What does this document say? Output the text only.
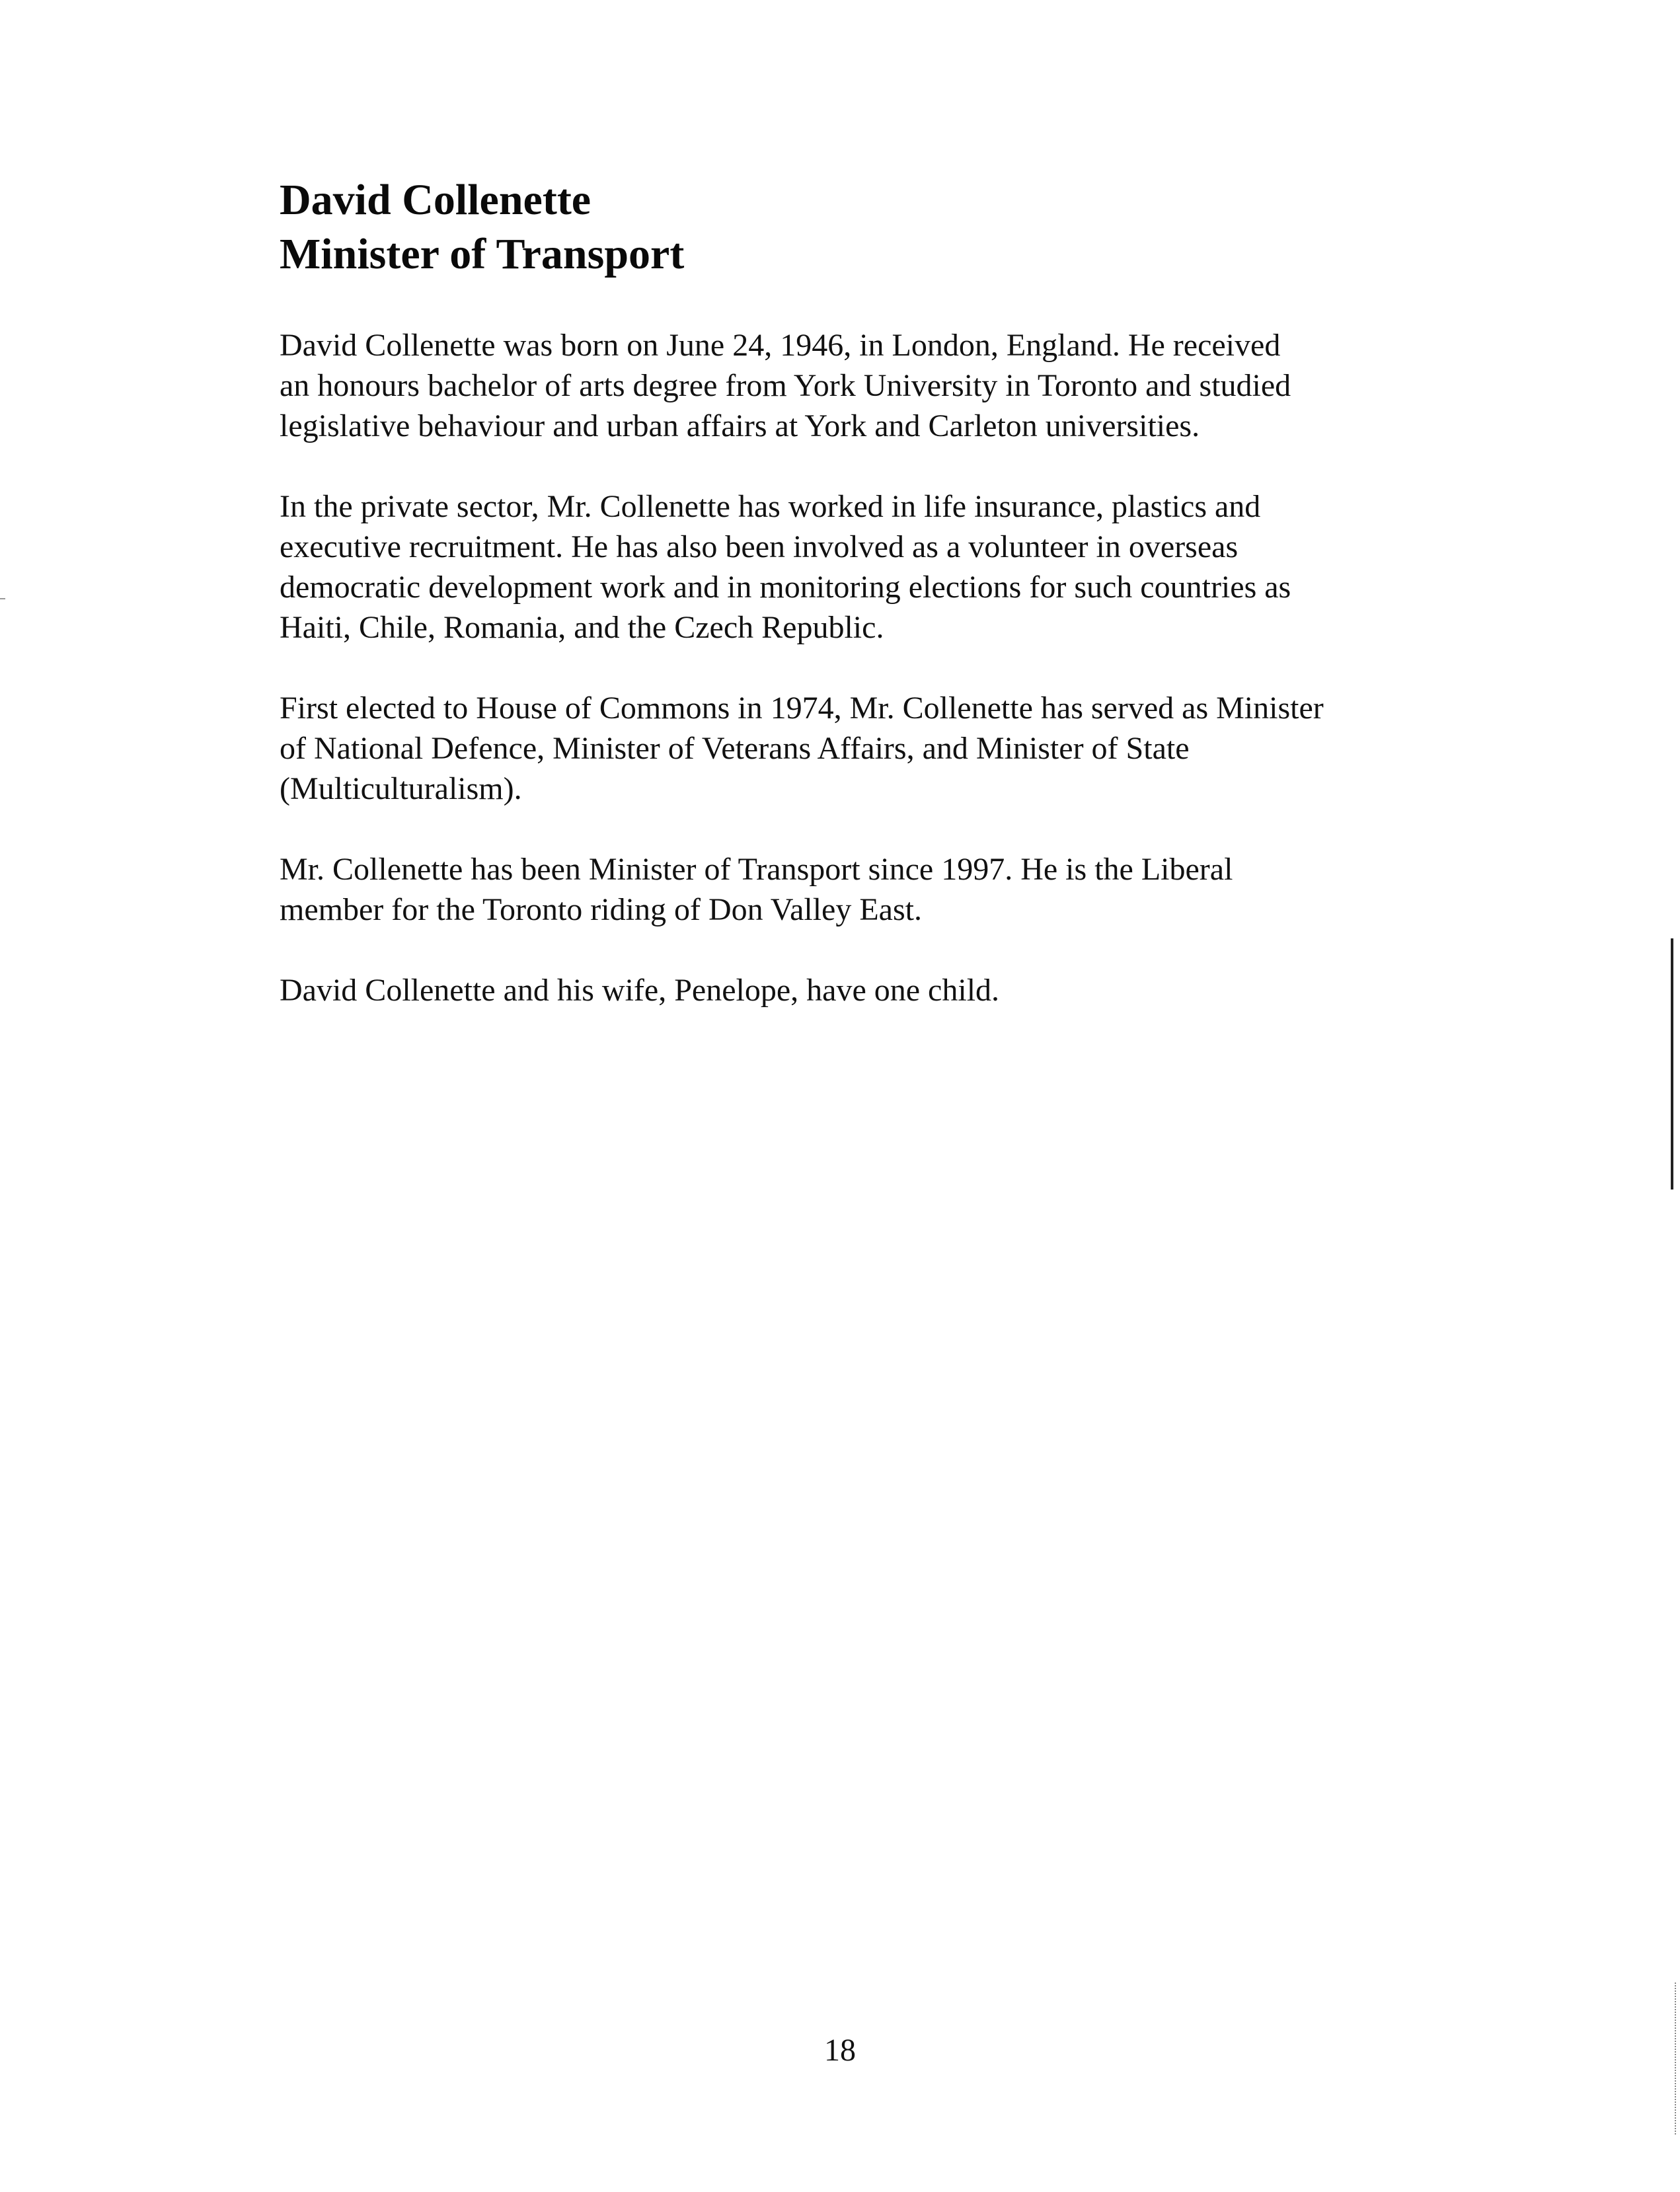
David Collenette
Minister of Transport

David Collenette was born on June 24, 1946, in London, England. He received
an honours bachelor of arts degree from York University in Toronto and studied
legislative behaviour and urban affairs at York and Carleton universities.

In the private sector, Mr. Collenette has worked in life insurance, plastics and
executive recruitment. He has also been involved as a volunteer in overseas
democratic development work and in monitoring elections for such countries as
Haiti, Chile, Romania, and the Czech Republic.

First elected to House of Commons in 1974, Mr. Collenette has served as Minister
of National Defence, Minister of Veterans Affairs, and Minister of State
(Multiculturalism).

Mr. Collenette has been Minister of Transport since 1997. He is the Liberal
member for the Toronto riding of Don Valley East.

David Collenette and his wife, Penelope, have one child.

18
